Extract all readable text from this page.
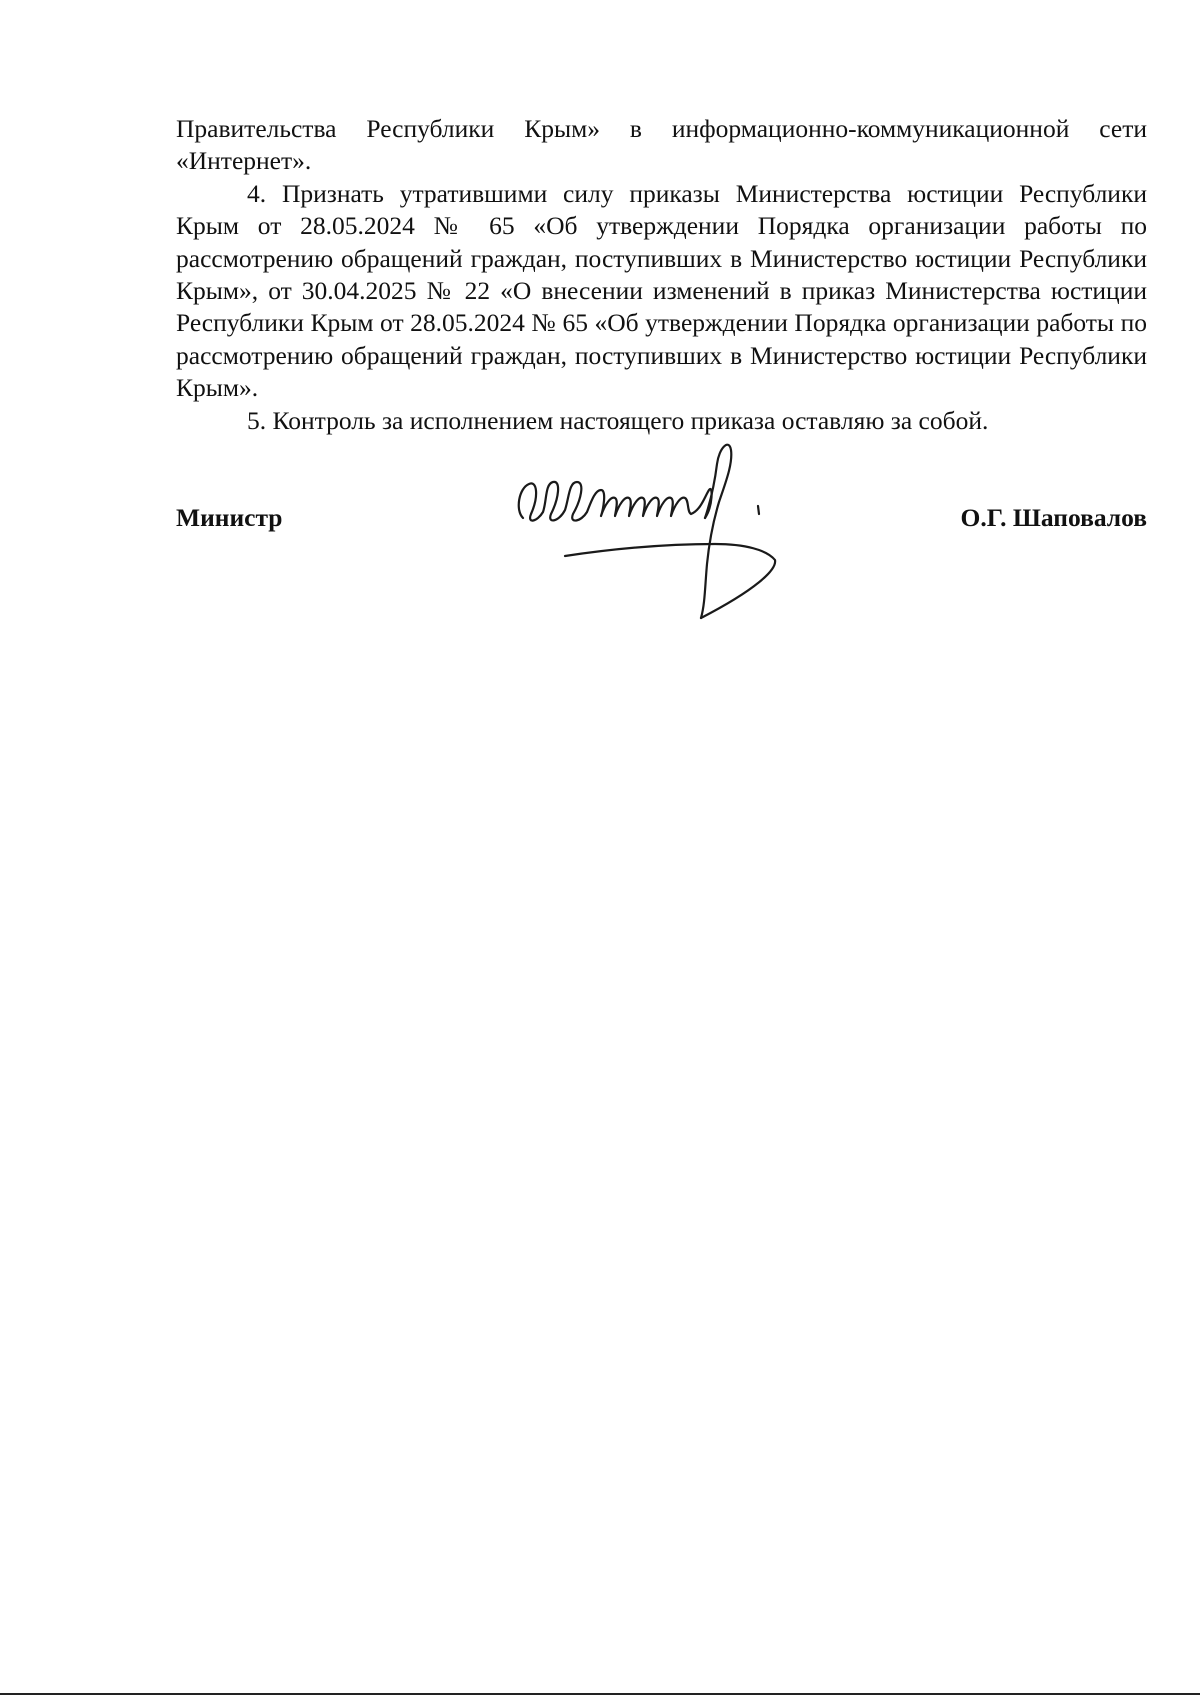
Правительства Республики Крым» в информационно-коммуникационной сети «Интернет».

4. Признать утратившими силу приказы Министерства юстиции Республики Крым от 28.05.2024 № 65 «Об утверждении Порядка организации работы по рассмотрению обращений граждан, поступивших в Министерство юстиции Республики Крым», от 30.04.2025 № 22 «О внесении изменений в приказ Министерства юстиции Республики Крым от 28.05.2024 № 65 «Об утверждении Порядка организации работы по рассмотрению обращений граждан, поступивших в Министерство юстиции Республики Крым».

5. Контроль за исполнением настоящего приказа оставляю за собой.

Министр	О.Г. Шаповалов
